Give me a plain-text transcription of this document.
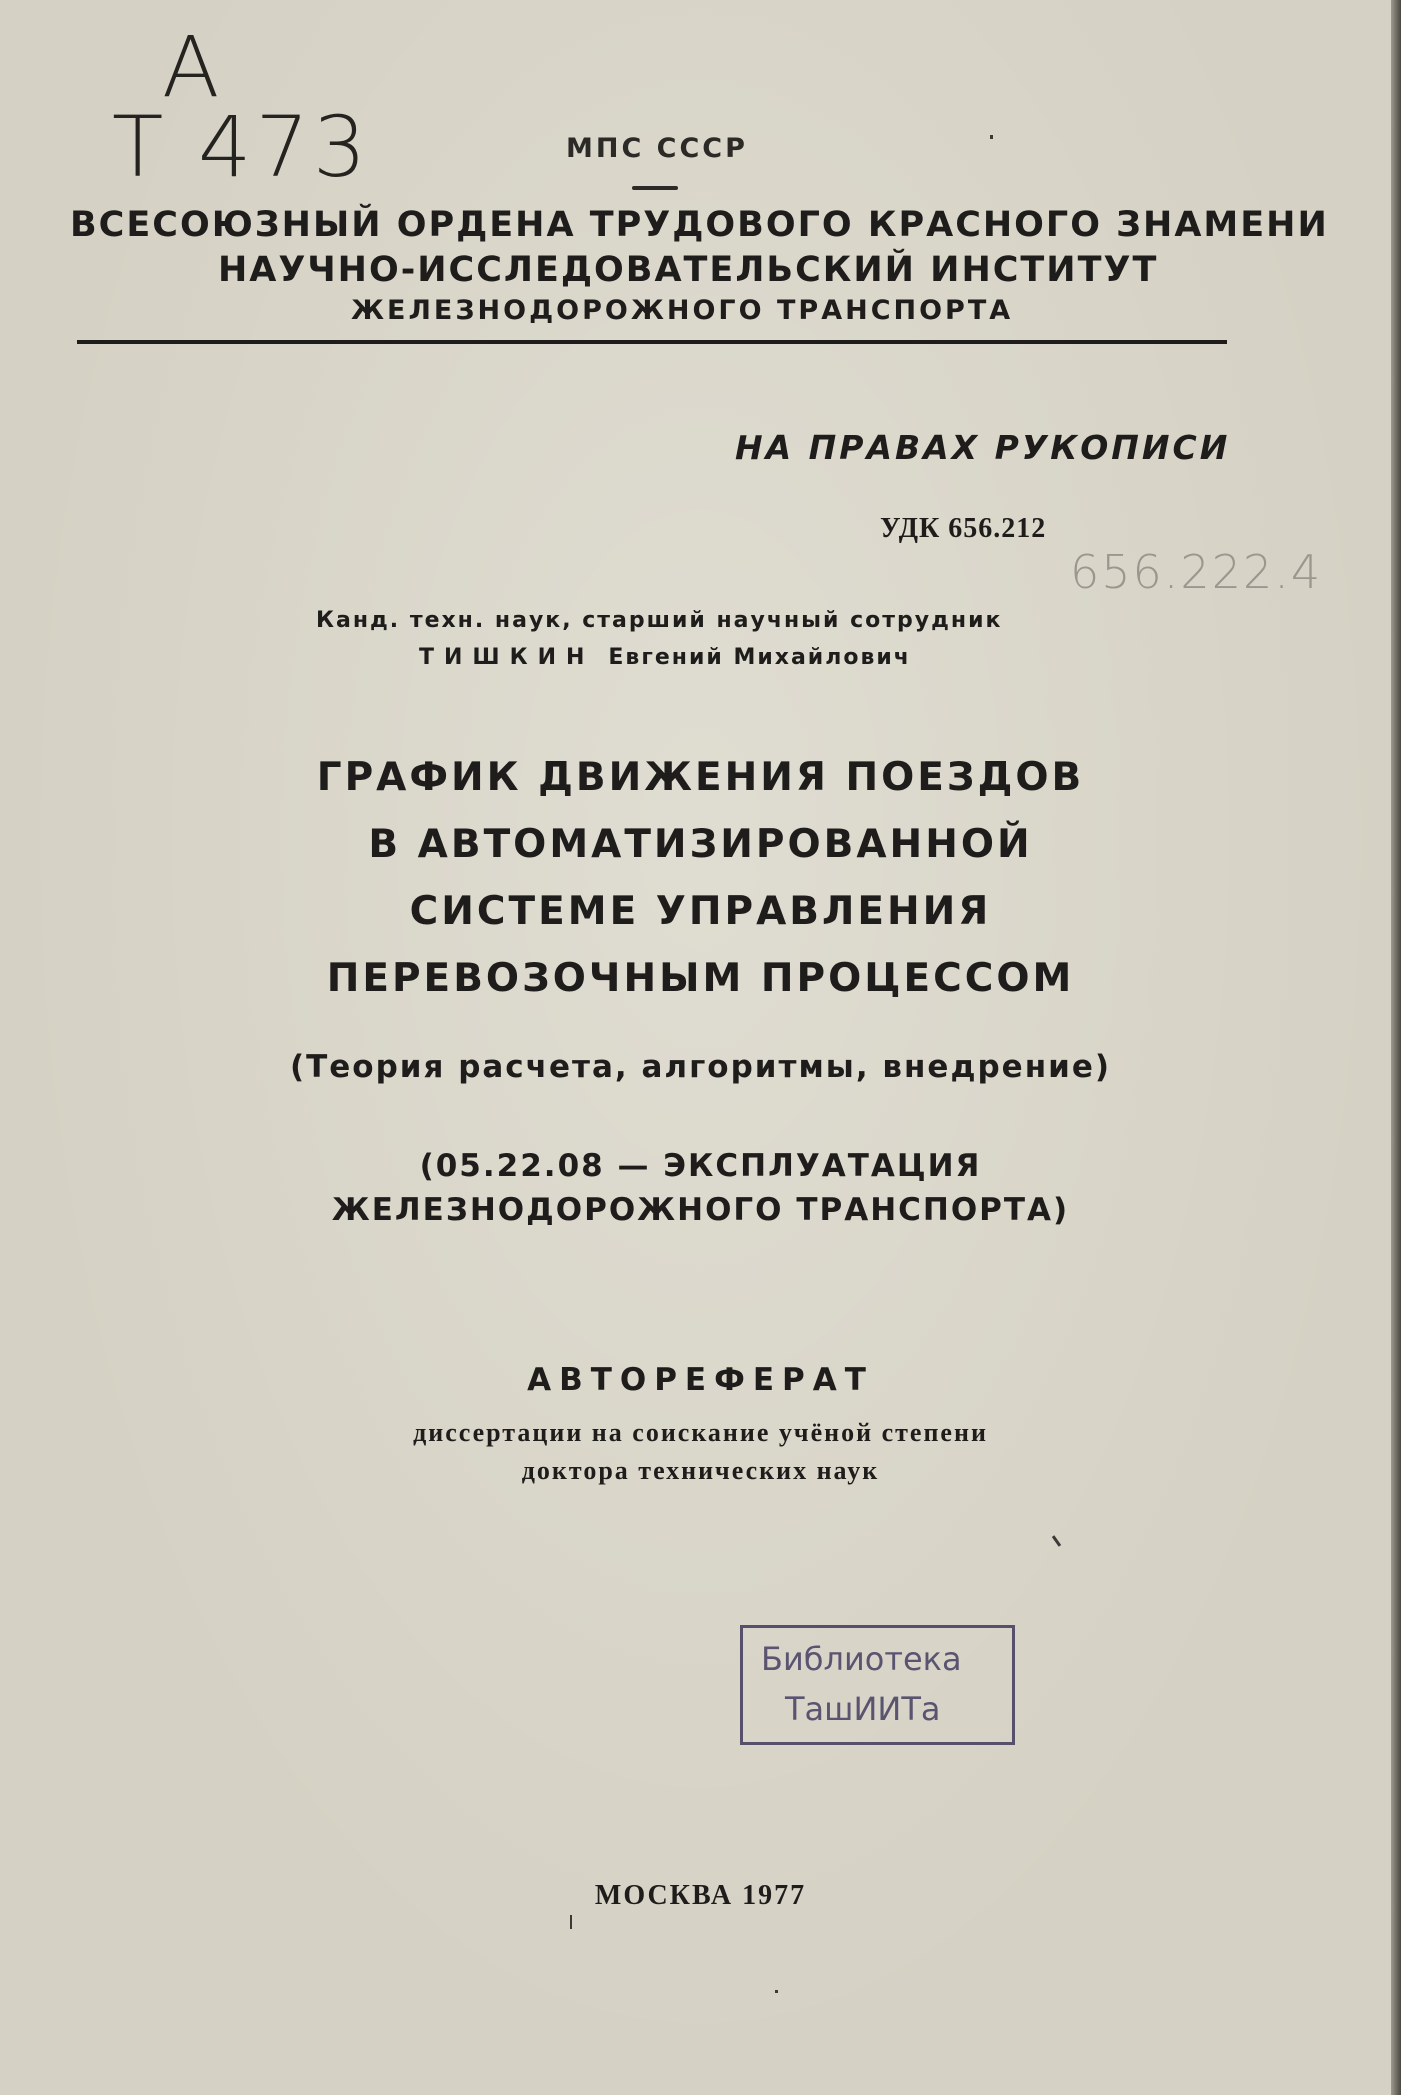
А
Т 473	МПС СССР
ВСЕСОЮЗНЫЙ ОРДЕНА ТРУДОВОГО КРАСНОГО ЗНАМЕНИ
НАУЧНО-ИССЛЕДОВАТЕЛЬСКИЙ ИНСТИТУТ
ЖЕЛЕЗНОДОРОЖНОГО ТРАНСПОРТА
НА ПРАВАХ РУКОПИСИ
УДК 656.212
656.222.4
Канд. техн. наук, старший научный сотрудник
ТИШКИН Евгений Михайлович
ГРАФИК ДВИЖЕНИЯ ПОЕЗДОВ
В АВТОМАТИЗИРОВАННОЙ
СИСТЕМЕ УПРАВЛЕНИЯ
ПЕРЕВОЗОЧНЫМ ПРОЦЕССОМ
(Теория расчета, алгоритмы, внедрение)
(05.22.08 — ЭКСПЛУАТАЦИЯ
ЖЕЛЕЗНОДОРОЖНОГО ТРАНСПОРТА)
АВТОРЕФЕРАТ
диссертации на соискание учёной степени
доктора технических наук
Библиотека
ТашИИТа
МОСКВА 1977
